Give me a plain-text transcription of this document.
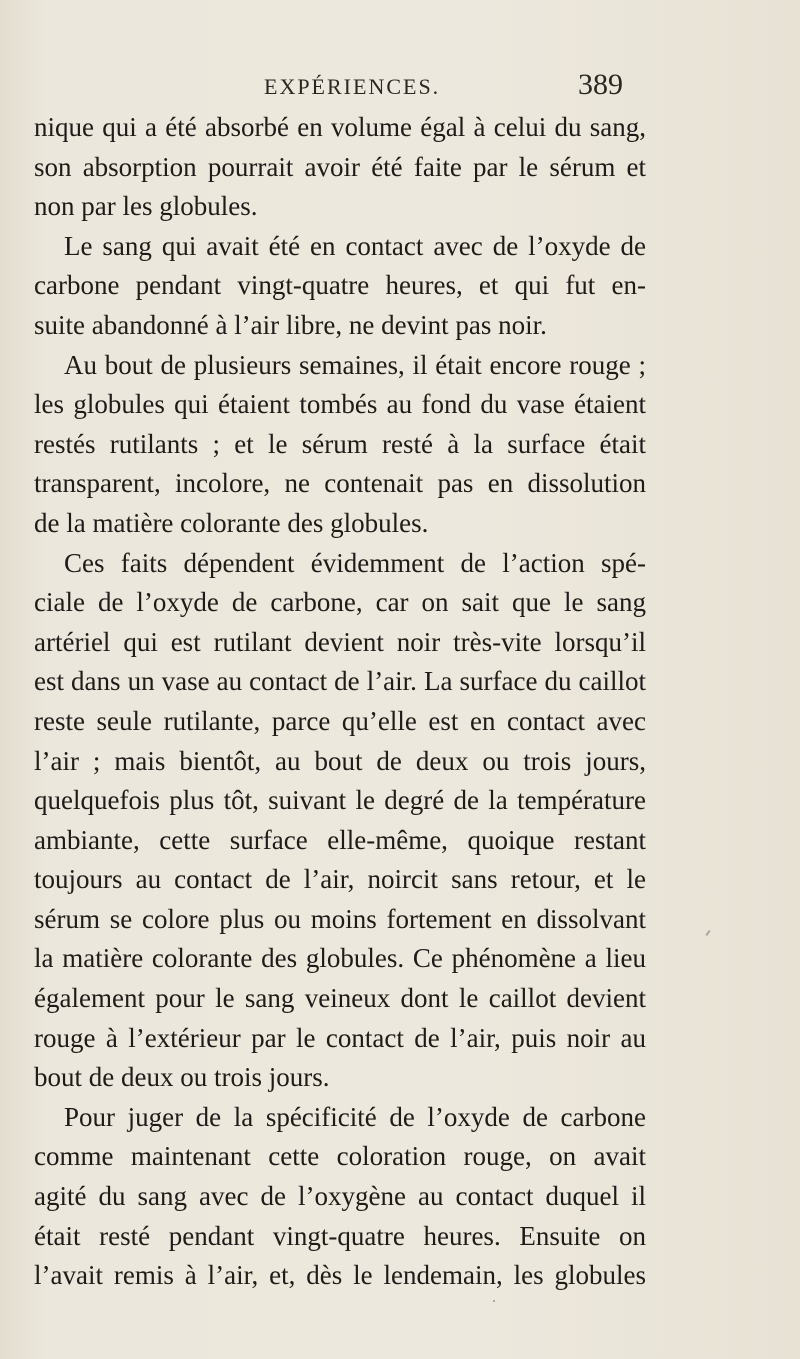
EXPÉRIENCES.	389
nique qui a été absorbé en volume égal à celui du sang,
son absorption pourrait avoir été faite par le sérum et
non par les globules.
Le sang qui avait été en contact avec de l’oxyde de
carbone pendant vingt-quatre heures, et qui fut en-
suite abandonné à l’air libre, ne devint pas noir.
Au bout de plusieurs semaines, il était encore rouge ;
les globules qui étaient tombés au fond du vase étaient
restés rutilants ; et le sérum resté à la surface était
transparent, incolore, ne contenait pas en dissolution
de la matière colorante des globules.
Ces faits dépendent évidemment de l’action spé-
ciale de l’oxyde de carbone, car on sait que le sang
artériel qui est rutilant devient noir très-vite lorsqu’il
est dans un vase au contact de l’air. La surface du caillot
reste seule rutilante, parce qu’elle est en contact avec
l’air ; mais bientôt, au bout de deux ou trois jours,
quelquefois plus tôt, suivant le degré de la température
ambiante, cette surface elle-même, quoique restant
toujours au contact de l’air, noircit sans retour, et le
sérum se colore plus ou moins fortement en dissolvant
la matière colorante des globules. Ce phénomène a lieu
également pour le sang veineux dont le caillot devient
rouge à l’extérieur par le contact de l’air, puis noir au
bout de deux ou trois jours.
Pour juger de la spécificité de l’oxyde de carbone
comme maintenant cette coloration rouge, on avait
agité du sang avec de l’oxygène au contact duquel il
était resté pendant vingt-quatre heures. Ensuite on
l’avait remis à l’air, et, dès le lendemain, les globules
